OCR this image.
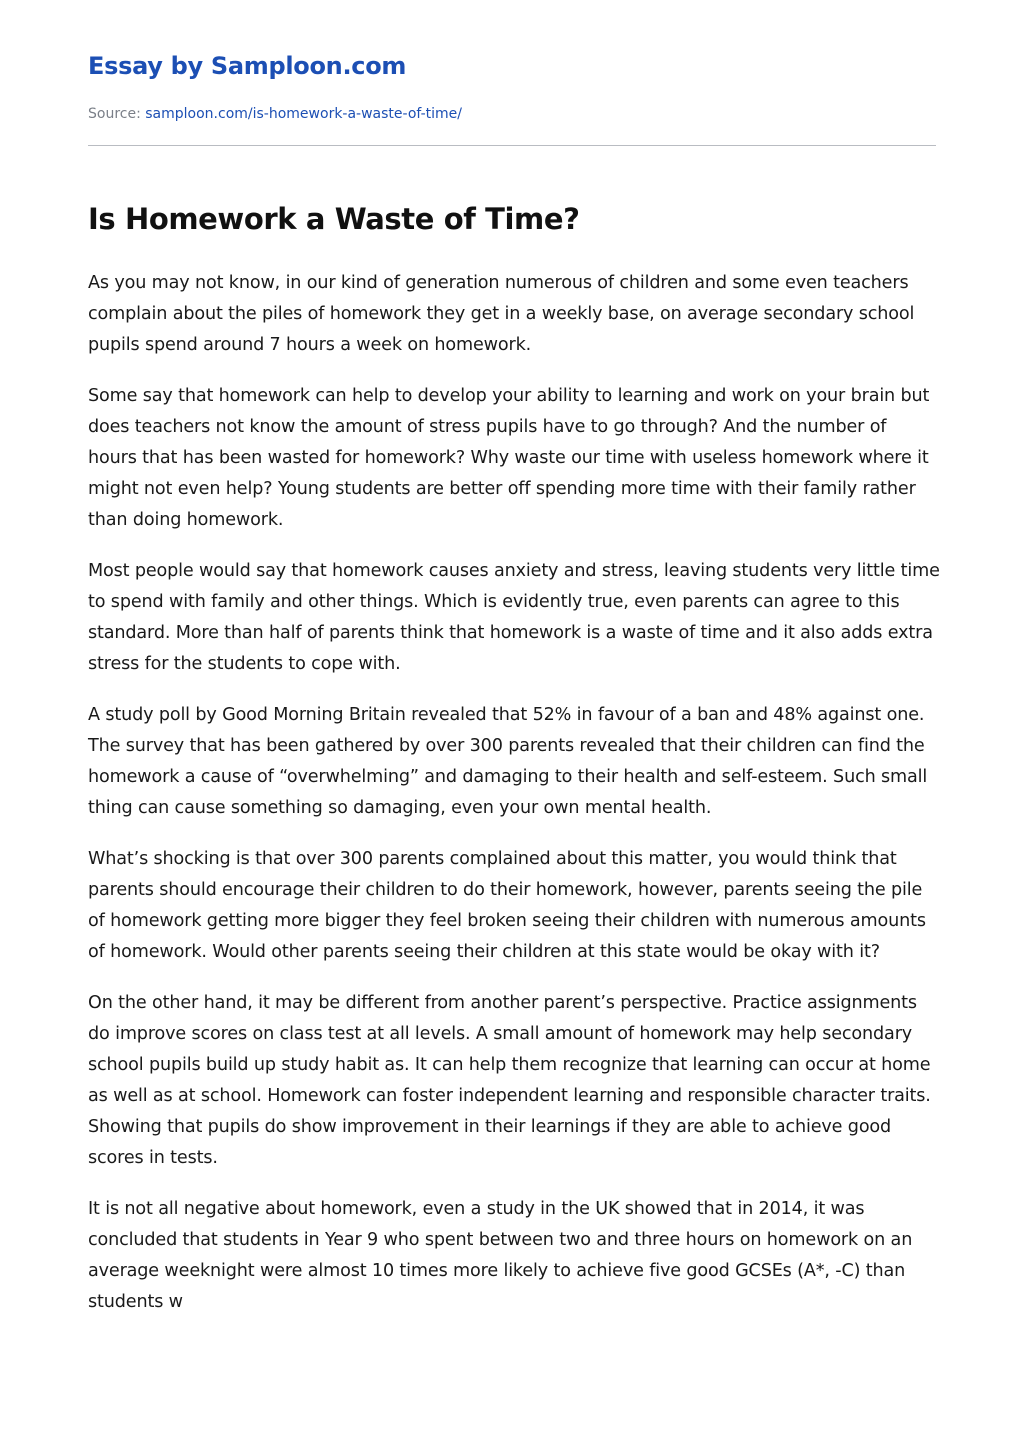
Essay by Samploon.com
Source: samploon.com/is-homework-a-waste-of-time/
Is Homework a Waste of Time?

As you may not know, in our kind of generation numerous of children and some even teachers complain about the piles of homework they get in a weekly base, on average secondary school pupils spend around 7 hours a week on homework.

Some say that homework can help to develop your ability to learning and work on your brain but does teachers not know the amount of stress pupils have to go through? And the number of hours that has been wasted for homework? Why waste our time with useless homework where it might not even help? Young students are better off spending more time with their family rather than doing homework.

Most people would say that homework causes anxiety and stress, leaving students very little time to spend with family and other things. Which is evidently true, even parents can agree to this standard. More than half of parents think that homework is a waste of time and it also adds extra stress for the students to cope with.

A study poll by Good Morning Britain revealed that 52% in favour of a ban and 48% against one. The survey that has been gathered by over 300 parents revealed that their children can find the homework a cause of “overwhelming” and damaging to their health and self-esteem. Such small thing can cause something so damaging, even your own mental health.

What’s shocking is that over 300 parents complained about this matter, you would think that parents should encourage their children to do their homework, however, parents seeing the pile of homework getting more bigger they feel broken seeing their children with numerous amounts of homework. Would other parents seeing their children at this state would be okay with it?

On the other hand, it may be different from another parent’s perspective. Practice assignments do improve scores on class test at all levels. A small amount of homework may help secondary school pupils build up study habit as. It can help them recognize that learning can occur at home as well as at school. Homework can foster independent learning and responsible character traits. Showing that pupils do show improvement in their learnings if they are able to achieve good scores in tests.

It is not all negative about homework, even a study in the UK showed that in 2014, it was concluded that students in Year 9 who spent between two and three hours on homework on an average weeknight were almost 10 times more likely to achieve five good GCSEs (A*, -C) than students w
